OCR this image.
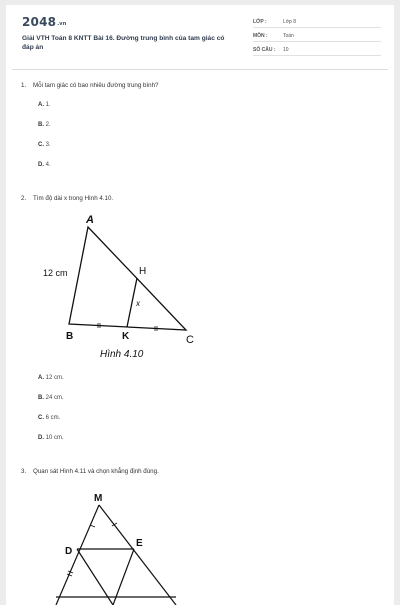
2048.vn
Giải VTH Toán 8 KNTT Bài 16. Đường trung bình của tam giác có đáp án
LỚP :	Lớp 8
MÔN :	Toán
SỐ CÂU : 10
1. Mỗi tam giác có bao nhiêu đường trung bình?
A. 1.
B. 2.
C. 3.
D. 4.
2. Tìm độ dài x trong Hình 4.10.
A
12 cm	H
x
B	K	C
Hình 4.10
A. 12 cm.
B. 24 cm.
C. 6 cm.
D. 10 cm.
3. Quan sát Hình 4.11 và chọn khẳng định đúng.
M
D
E
